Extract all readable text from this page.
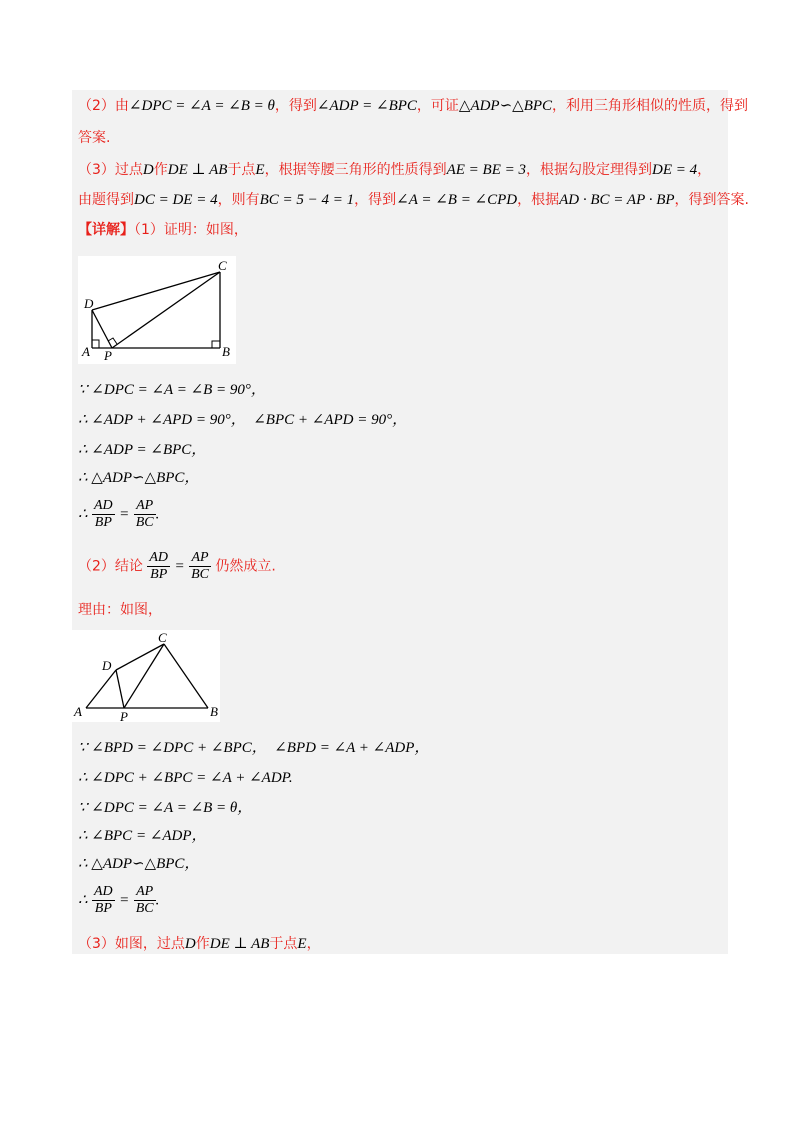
（2）由∠DPC = ∠A = ∠B = θ，得到∠ADP = ∠BPC，可证△ADP∽△BPC，利用三角形相似的性质，得到
答案.
（3）过点D作DE ⊥ AB于点E，根据等腰三角形的性质得到AE = BE = 3，根据勾股定理得到DE = 4，
由题得到DC = DE = 4，则有BC = 5 − 4 = 1，得到∠A = ∠B = ∠CPD，根据AD · BC = AP · BP，得到答案.
【详解】（1）证明：如图，
C
D
A P	B
∵ ∠DPC = ∠A = ∠B = 90°，
∴ ∠ADP + ∠APD = 90°， ∠BPC + ∠APD = 90°，
∴ ∠ADP = ∠BPC，
∴ △ADP∽△BPC，
∴ $\frac{AD}{BP} = \frac{AP}{BC}$ .
（2）结论 $\frac{AD}{BP} = \frac{AP}{BC}$ 仍然成立.
理由：如图，
C
D
A	P	B
∵ ∠BPD = ∠DPC + ∠BPC， ∠BPD = ∠A + ∠ADP，
∴ ∠DPC + ∠BPC = ∠A + ∠ADP.
∵ ∠DPC = ∠A = ∠B = θ，
∴ ∠BPC = ∠ADP，
∴ △ADP∽△BPC，
∴ $\frac{AD}{BP} = \frac{AP}{BC}$ .
（3）如图，过点D作DE ⊥ AB于点E，
